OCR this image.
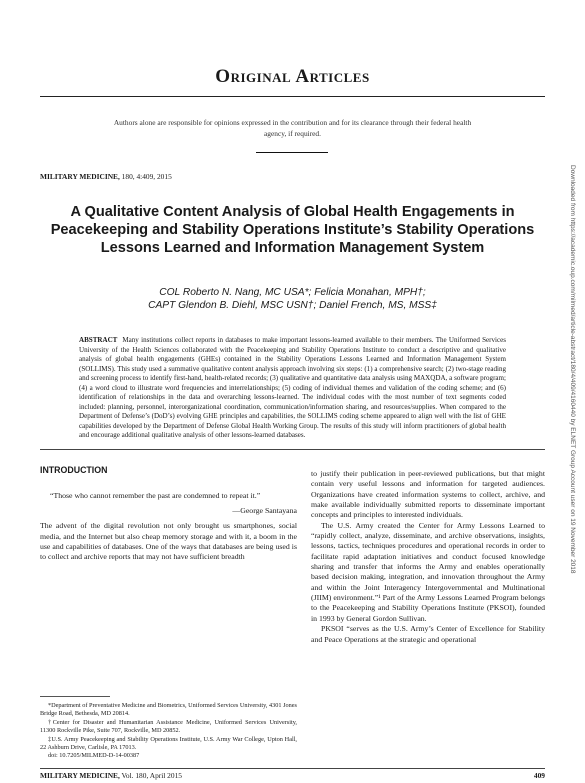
Original Articles
Authors alone are responsible for opinions expressed in the contribution and for its clearance through their federal health agency, if required.
MILITARY MEDICINE, 180, 4:409, 2015
A Qualitative Content Analysis of Global Health Engagements in Peacekeeping and Stability Operations Institute’s Stability Operations Lessons Learned and Information Management System
COL Roberto N. Nang, MC USA*; Felicia Monahan, MPH†;
CAPT Glendon B. Diehl, MSC USN†; Daniel French, MS, MSS‡
ABSTRACT Many institutions collect reports in databases to make important lessons-learned available to their members. The Uniformed Services University of the Health Sciences collaborated with the Peacekeeping and Stability Operations Institute to conduct a descriptive and qualitative analysis of global health engagements (GHEs) contained in the Stability Operations Lessons Learned and Information Management System (SOLLIMS). This study used a summative qualitative content analysis approach involving six steps: (1) a comprehensive search; (2) two-stage reading and screening process to identify first-hand, health-related records; (3) qualitative and quantitative data analysis using MAXQDA, a software program; (4) a word cloud to illustrate word frequencies and interrelationships; (5) coding of individual themes and validation of the coding scheme; and (6) identification of relationships in the data and overarching lessons-learned. The individual codes with the most number of text segments coded included: planning, personnel, interorganizational coordination, communication/information sharing, and resources/supplies. When compared to the Department of Defense’s (DoD’s) evolving GHE principles and capabilities, the SOLLIMS coding scheme appeared to align well with the list of GHE capabilities developed by the Department of Defense Global Health Working Group. The results of this study will inform practitioners of global health and encourage additional qualitative analysis of other lessons-learned databases.
INTRODUCTION
“Those who cannot remember the past are condemned to repeat it.”
—George Santayana

The advent of the digital revolution not only brought us smartphones, social media, and the Internet but also cheap memory storage and with it, a boom in the use and capabilities of databases. One of the ways that databases are being used is to collect and archive reports that may not have sufficient breadth

to justify their publication in peer-reviewed publications, but that might contain very useful lessons and information for targeted audiences. Organizations have created information systems to collect, archive, and make available individually submitted reports to disseminate important concepts and principles to interested individuals.

The U.S. Army created the Center for Army Lessons Learned to “rapidly collect, analyze, disseminate, and archive observations, insights, lessons, tactics, techniques procedures and operational records in order to facilitate rapid adaptation initiatives and conduct focused knowledge sharing and transfer that informs the Army and enables operationally based decision making, integration, and innovation throughout the Army and within the Joint Interagency Intergovernmental and Multinational (JIIM) environment.”¹ Part of the Army Lessons Learned Program belongs to the Peacekeeping and Stability Operations Institute (PKSOI), founded in 1993 by General Gordon Sullivan.

PKSOI “serves as the U.S. Army’s Center of Excellence for Stability and Peace Operations at the strategic and operational

*Department of Preventative Medicine and Biometrics, Uniformed Services University, 4301 Jones Bridge Road, Bethesda, MD 20814.

†Center for Disaster and Humanitarian Assistance Medicine, Uniformed Services University, 11300 Rockville Pike, Suite 707, Rockville, MD 20852.

‡U.S. Army Peacekeeping and Stability Operations Institute, U.S. Army War College, Upton Hall, 22 Ashburn Drive, Carlisle, PA 17013.

doi: 10.7205/MILMED-D-14-00387

MILITARY MEDICINE, Vol. 180, April 2015	409
Downloaded from https://academic.oup.com/milmed/article-abstract/180/4/409/4160440 by ELNET Group Account user on 19 November 2018
